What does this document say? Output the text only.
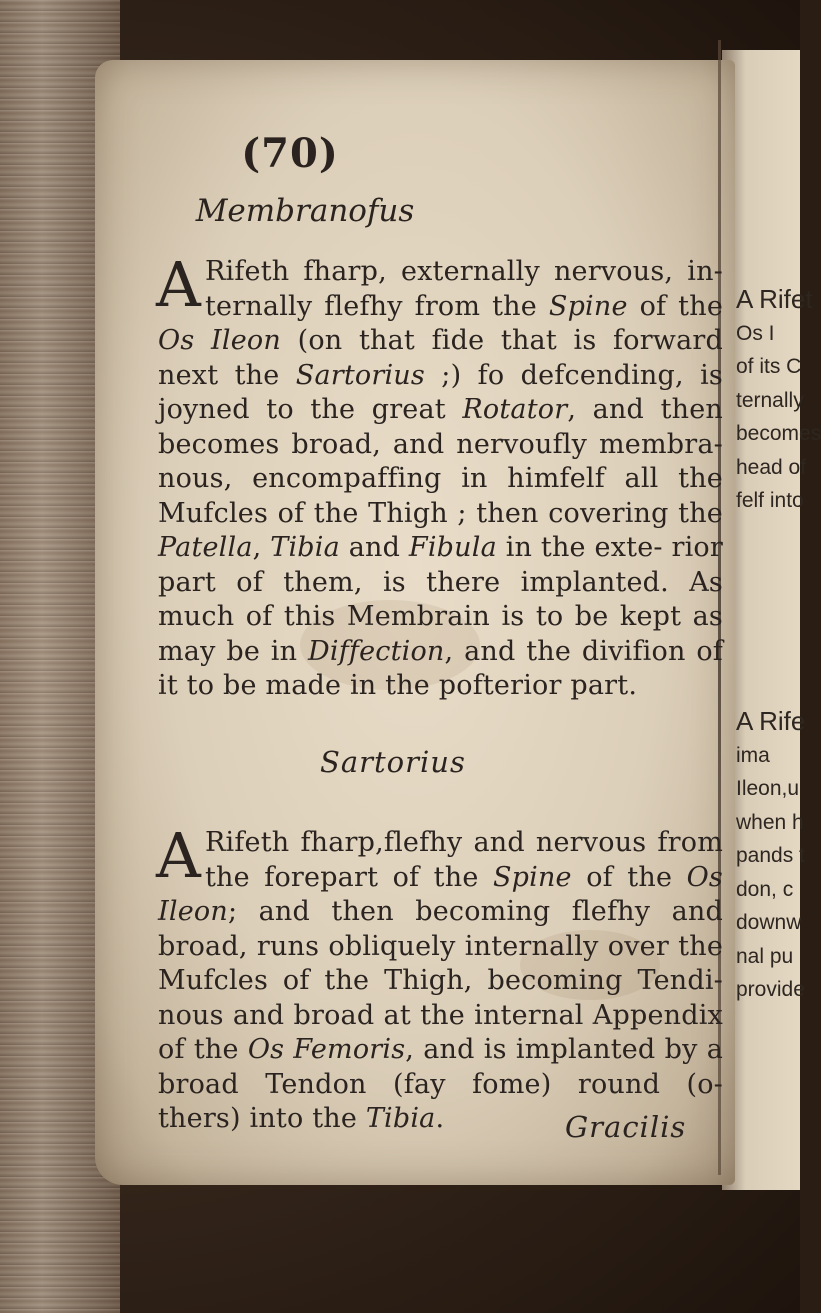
(70)
Membranofus
A Rifeth fharp, externally nervous, in- ternally flefhy from the Spine of the Os Ileon (on that fide that is forward next the Sartorius ;) fo defcending, is joyned to the great Rotator, and then becomes broad, and nervoufly membra- nous, encompaffing in himfelf all the Mufcles of the Thigh ; then covering the Patella, Tibia and Fibula in the exte- rior part of them, is there implanted. As much of this Membrain is to be kept as may be in Diffection, and the divifion of it to be made in the pofterior part.
Sartorius
A Rifeth fharp,flefhy and nervous from the forepart of the Spine of the Os Ileon; and then becoming flefhy and broad, runs obliquely internally over the Mufcles of the Thigh, becoming Tendi- nous and broad at the internal Appendix of the Os Femoris, and is implanted by a broad Tendon (fay fome) round (o- thers) into the Tibia.	Gracilis
A Rifet
Os I
of its C
ternally
becomes
head of
felf into
A Rife
ima
Ileon,u
when h
pands t
don, c
downw
nal pu
provide
